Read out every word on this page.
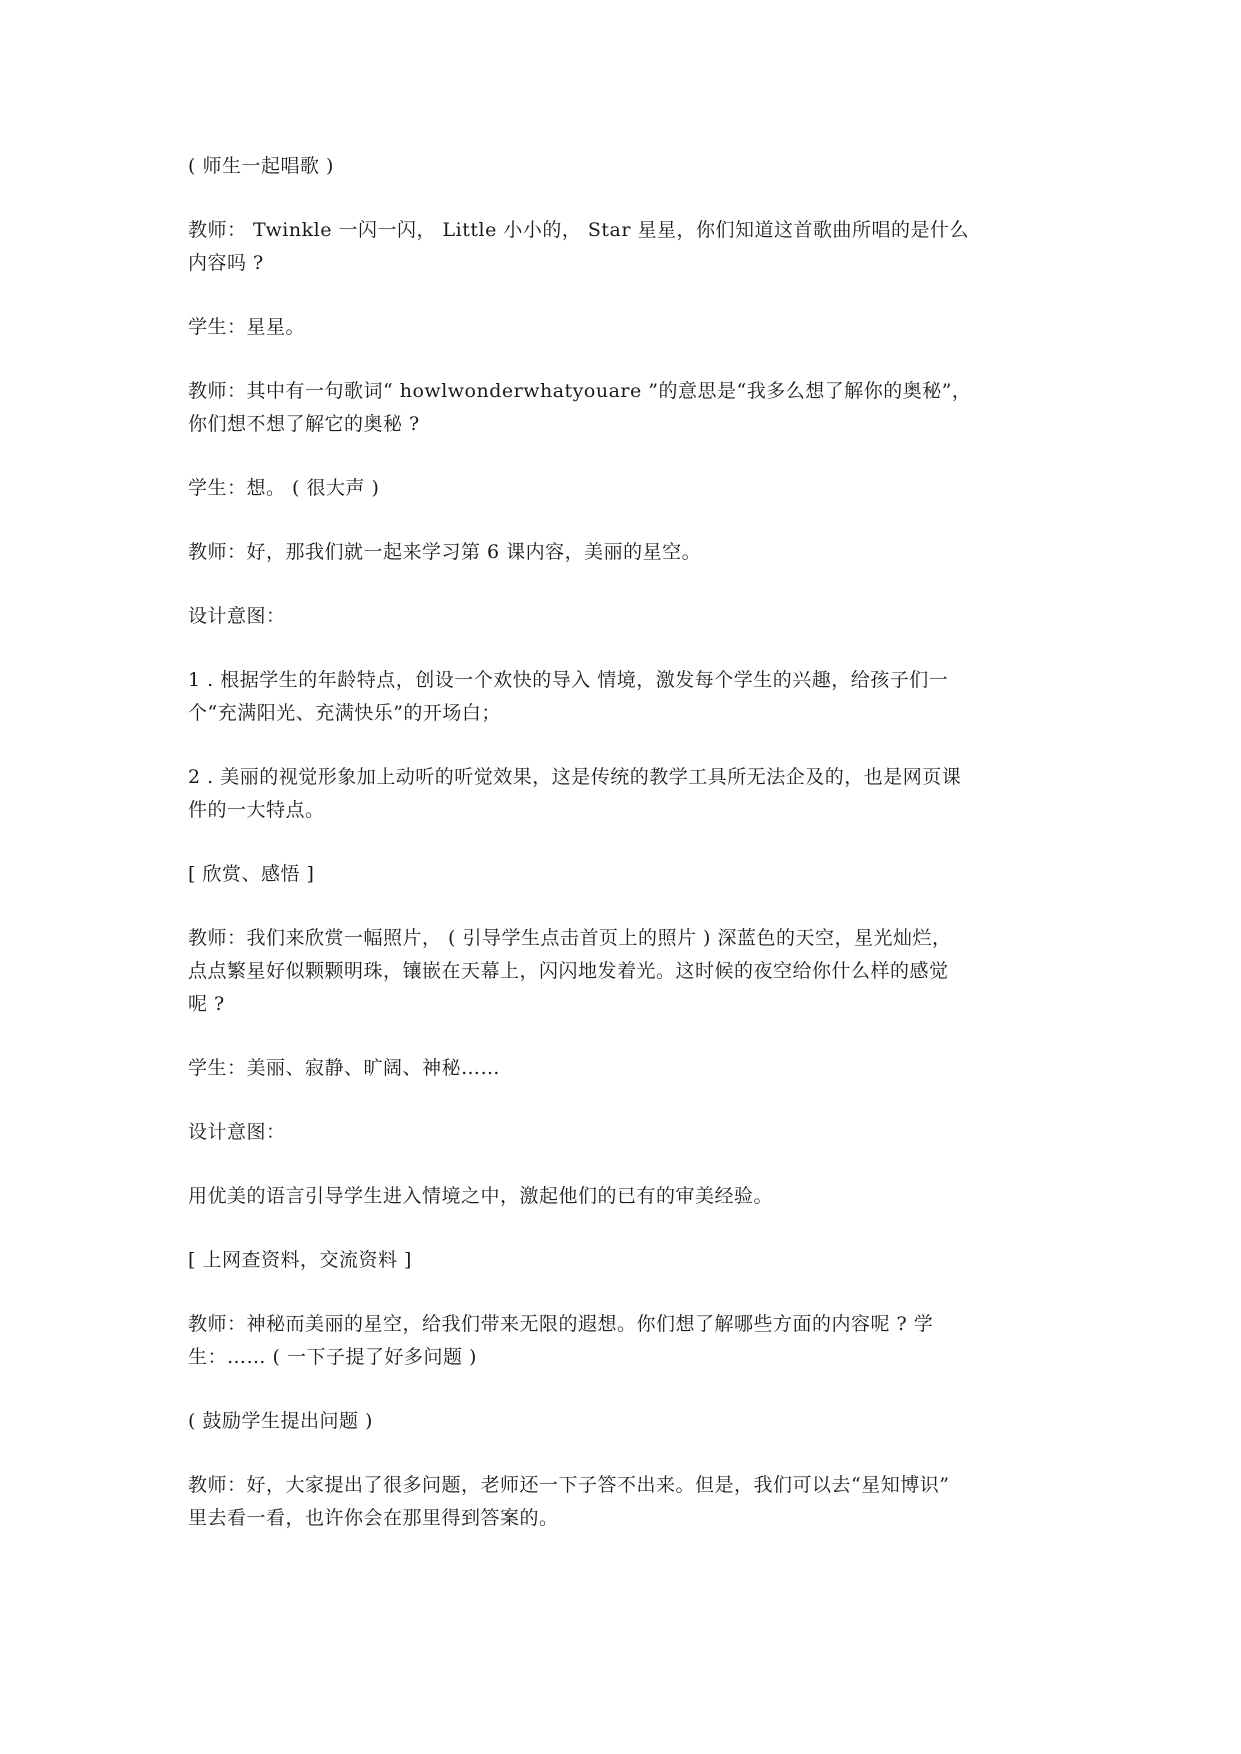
( 师生一起唱歌 )

教师： Twinkle 一闪一闪， Little 小小的， Star 星星，你们知道这首歌曲所唱的是什么
内容吗 ?

学生：星星。

教师：其中有一句歌词“ howlwonderwhatyouare ”的意思是“我多么想了解你的奥秘”，
你们想不想了解它的奥秘 ?

学生：想。 ( 很大声 )

教师：好，那我们就一起来学习第 6 课内容，美丽的星空。

设计意图：

1 . 根据学生的年龄特点，创设一个欢快的导入 情境，激发每个学生的兴趣，给孩子们一
个“充满阳光、充满快乐”的开场白；

2 . 美丽的视觉形象加上动听的听觉效果，这是传统的教学工具所无法企及的，也是网页课
件的一大特点。

[ 欣赏、感悟 ]

教师：我们来欣赏一幅照片， ( 引导学生点击首页上的照片 ) 深蓝色的天空，星光灿烂，
点点繁星好似颗颗明珠，镶嵌在天幕上，闪闪地发着光。这时候的夜空给你什么样的感觉
呢 ?

学生：美丽、寂静、旷阔、神秘……

设计意图：

用优美的语言引导学生进入情境之中，激起他们的已有的审美经验。

[ 上网查资料，交流资料 ]

教师：神秘而美丽的星空，给我们带来无限的遐想。你们想了解哪些方面的内容呢 ? 学
生：…… ( 一下子提了好多问题 )

( 鼓励学生提出问题 )

教师：好，大家提出了很多问题，老师还一下子答不出来。但是，我们可以去“星知博识”
里去看一看，也许你会在那里得到答案的。
